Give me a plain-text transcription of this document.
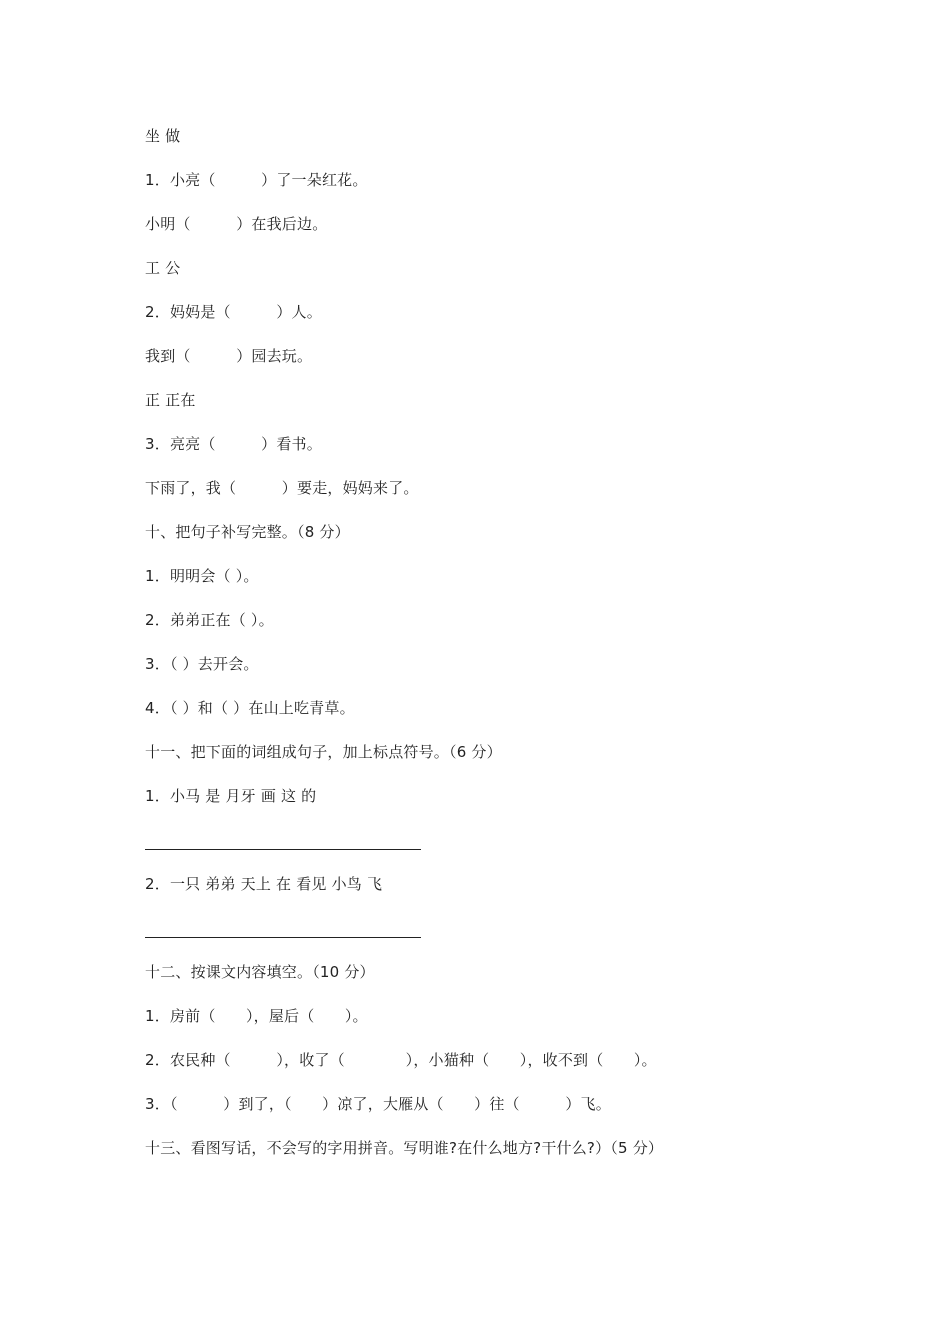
坐 做
1．小亮（　　　）了一朵红花。
小明（　　　）在我后边。
工 公
2．妈妈是（　　　）人。
我到（　　　）园去玩。
正 正在
3．亮亮（　　　）看书。
下雨了，我（　　　）要走，妈妈来了。
十、把句子补写完整。（8 分）
1．明明会（ ）。
2．弟弟正在（ ）。
3．（ ）去开会。
4．（ ）和（ ）在山上吃青草。
十一、把下面的词组成句子，加上标点符号。（6 分）
1．小马 是 月牙 画 这 的
2．一只 弟弟 天上 在 看见 小鸟 飞
十二、按课文内容填空。（10 分）
1．房前（　　），屋后（　　）。
2．农民种（　　　），收了（　　　　），小猫种（　　），收不到（　　）。
3．（　　　）到了，（　　）凉了，大雁从（　　）往（　　　）飞。
十三、看图写话，不会写的字用拼音。写明谁?在什么地方?干什么?）（5 分）
